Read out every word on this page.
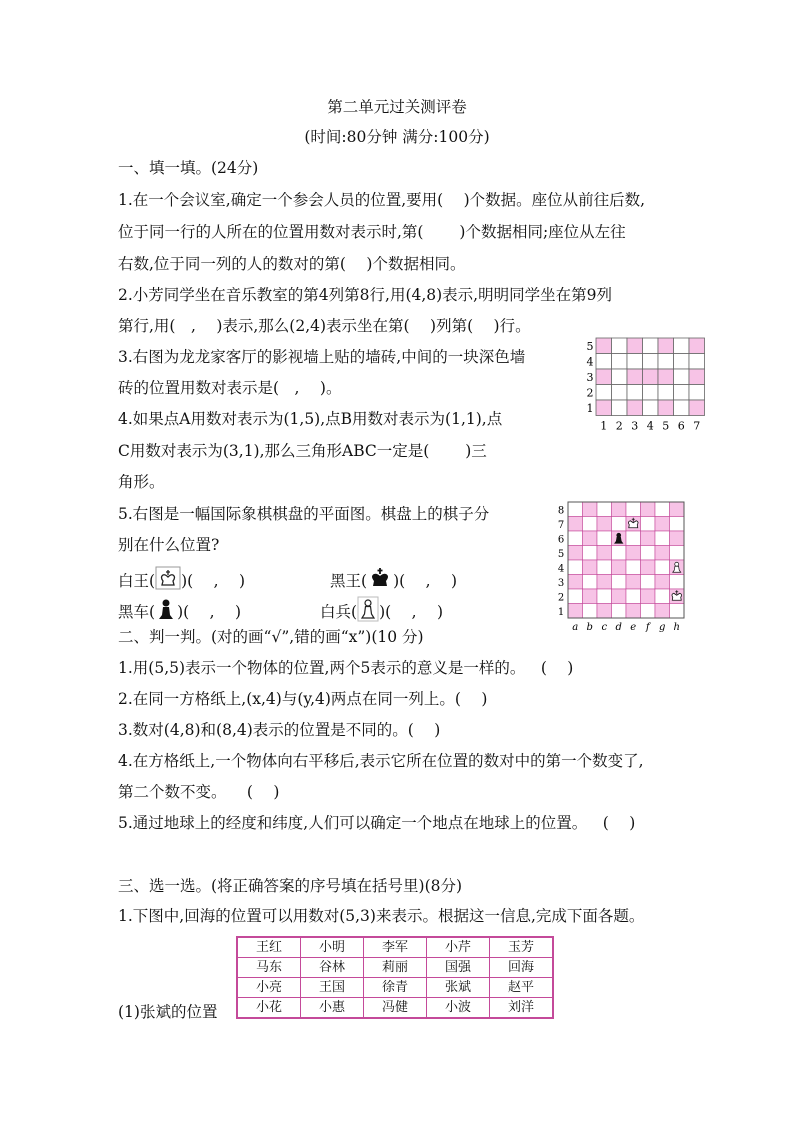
第二单元过关测评卷
(时间:80分钟 满分:100分)
一、填一填。(24分)
1.在一个会议室,确定一个参会人员的位置,要用(  )个数据。座位从前往后数,
位于同一行的人所在的位置用数对表示时,第(   )个数据相同;座位从左往
右数,位于同一列的人的数对的第(  )个数据相同。
2.小芳同学坐在音乐教室的第4列第8行,用(4,8)表示,明明同学坐在第9列
第行,用( ,  )表示,那么(2,4)表示坐在第(  )列第(  )行。
3.右图为龙龙家客厅的影视墙上贴的墙砖,中间的一块深色墙
砖的位置用数对表示是( ,  )。
4.如果点A用数对表示为(1,5),点B用数对表示为(1,1),点
C用数对表示为(3,1),那么三角形ABC一定是(   )三
角形。
5.右图是一幅国际象棋棋盘的平面图。棋盘上的棋子分
别在什么位置?
白王( )(  ,  )	黑王( )(  ,  )
黑车( )(  ,  )	白兵( )(  ,  )
1 2 3 4 5 6 7
5
4
3
2
1
a b c d e f g h
8
7
6
5
4
3
2
1
二、判一判。(对的画“√”,错的画“x”)(10 分)
1.用(5,5)表示一个物体的位置,两个5表示的意义是一样的。 (  )
2.在同一方格纸上,(x,4)与(y,4)两点在同一列上。(  )
3.数对(4,8)和(8,4)表示的位置是不同的。(  )
4.在方格纸上,一个物体向右平移后,表示它所在位置的数对中的第一个数变了,
第二个数不变。  (  )
5.通过地球上的经度和纬度,人们可以确定一个地点在地球上的位置。 (  )
三、选一选。(将正确答案的序号填在括号里)(8分)
1.下图中,回海的位置可以用数对(5,3)来表示。根据这一信息,完成下面各题。
(1)张斌的位置
王红	小明	李军	小芹	玉芳
马东	谷林	莉丽	国强	回海
小亮	王国	徐青	张斌	赵平
小花	小惠	冯健	小波	刘洋
